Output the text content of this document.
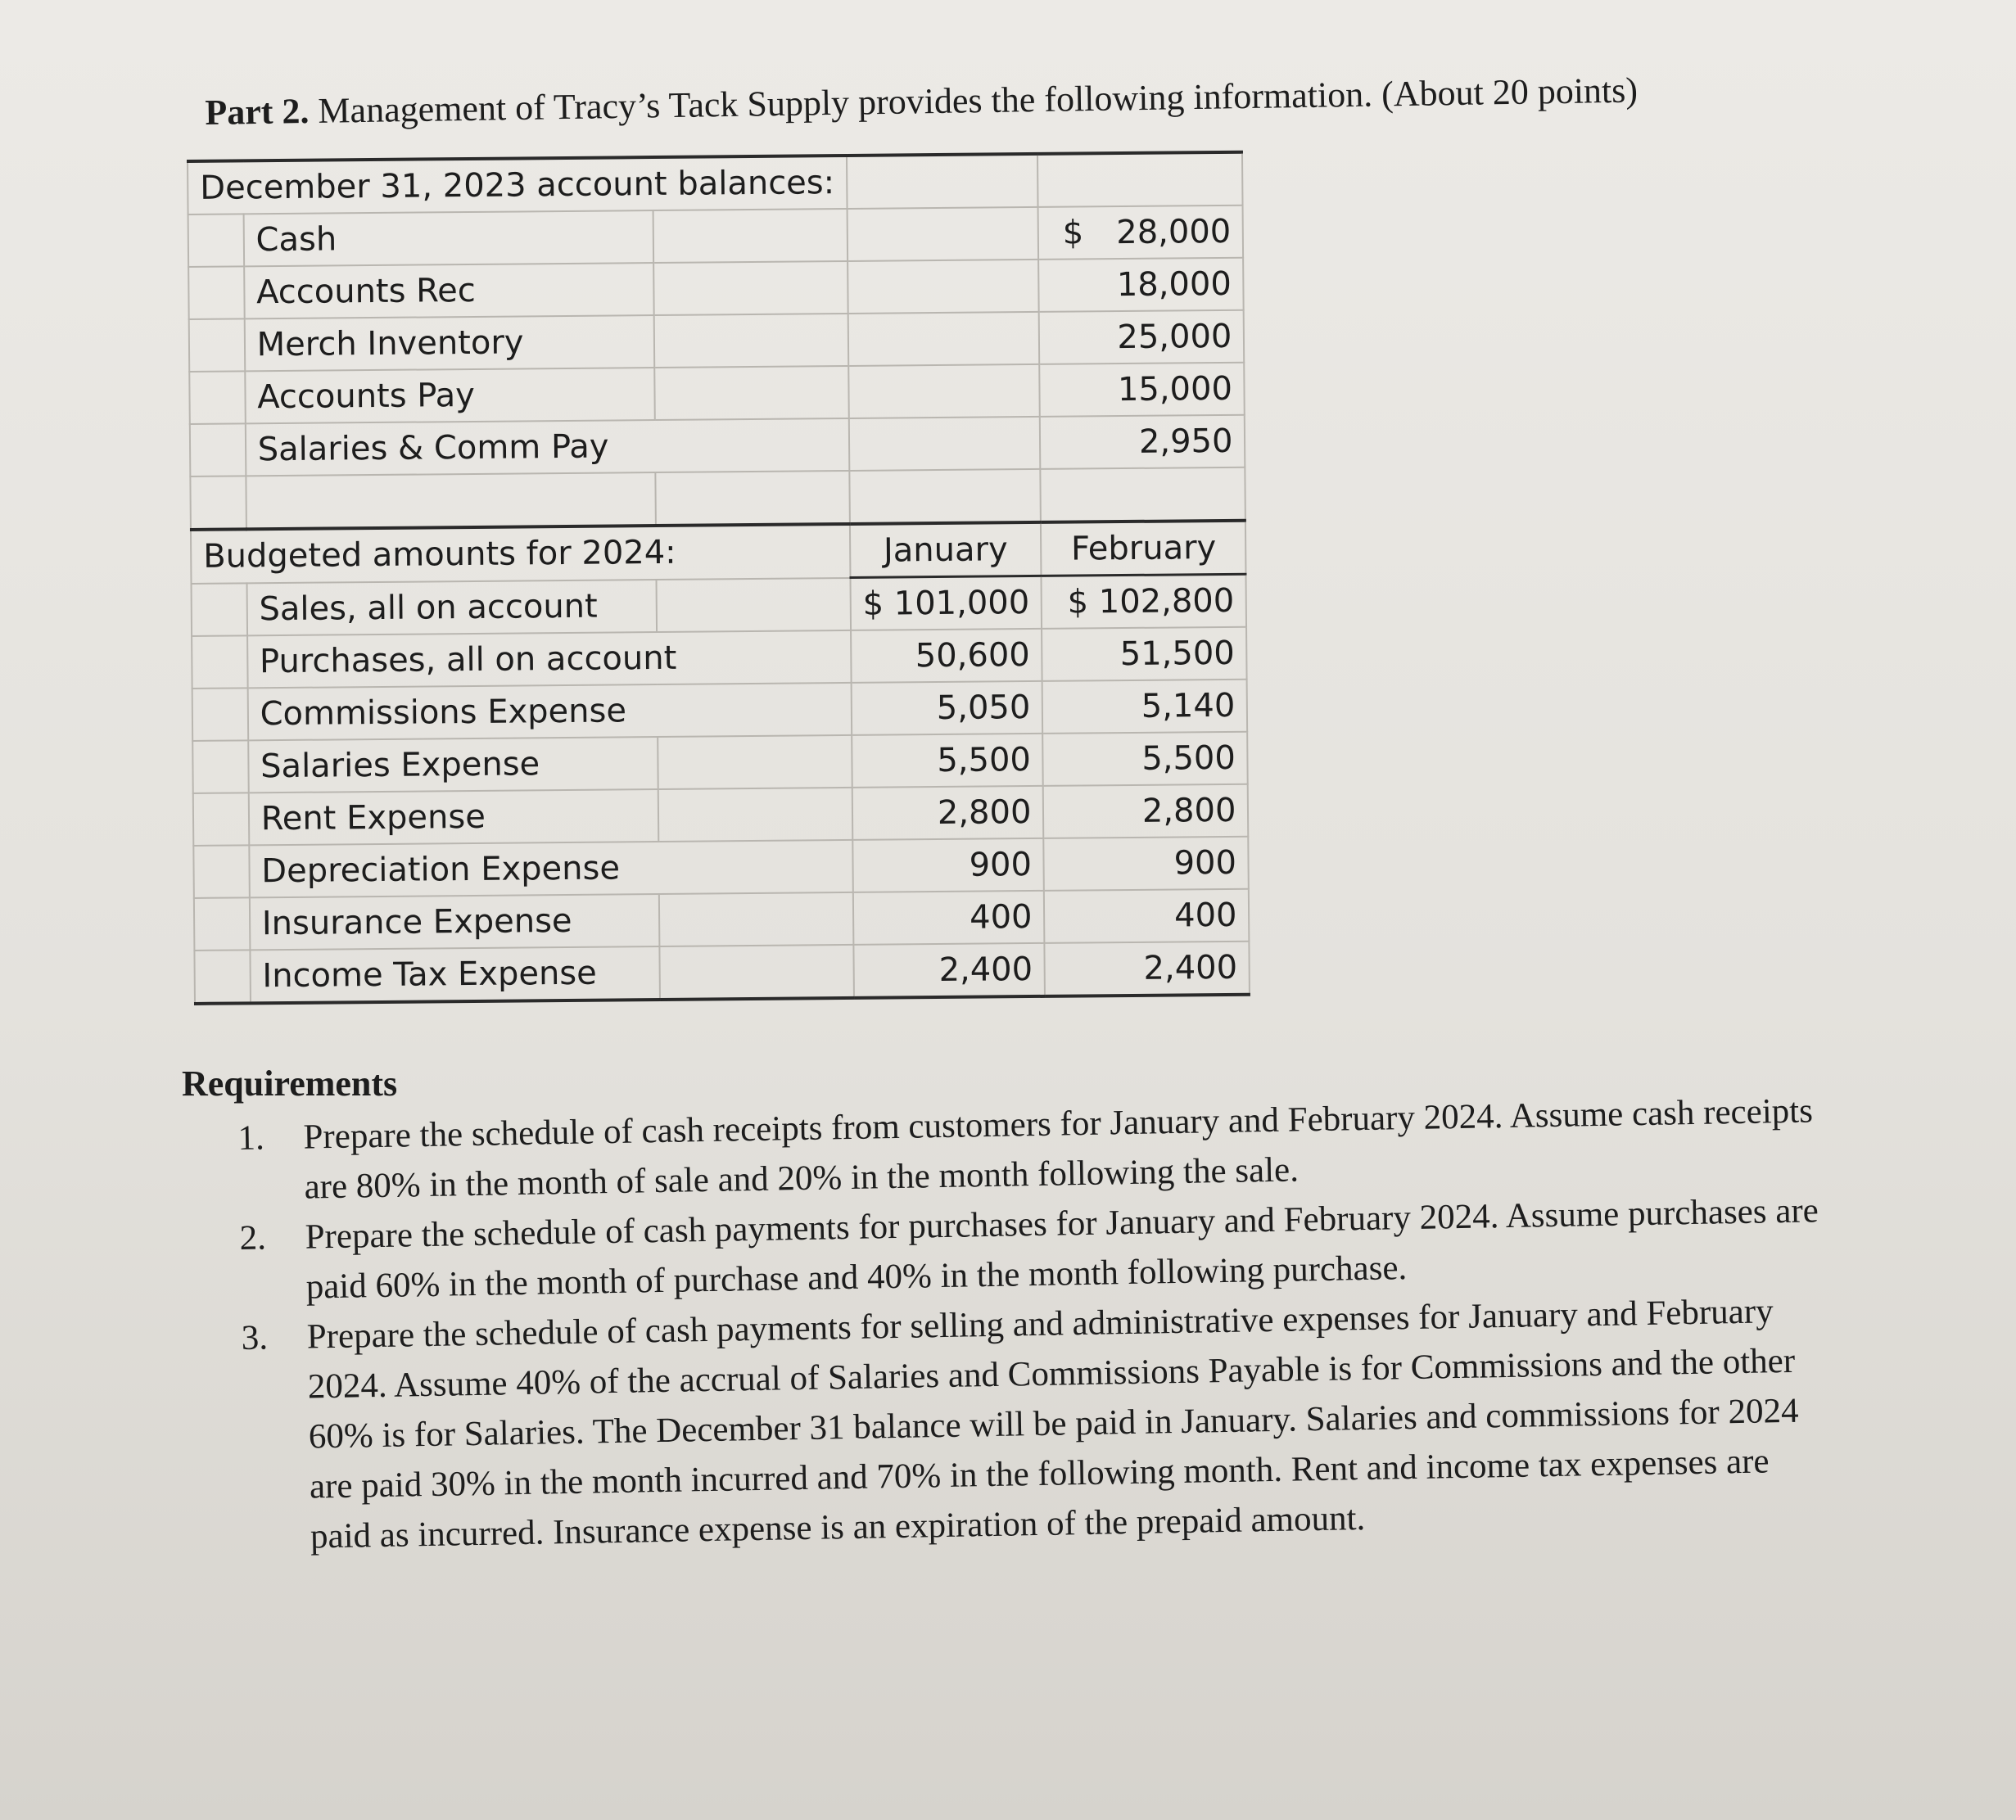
Part 2. Management of Tracy’s Tack Supply provides the following information. (About 20 points)
December 31, 2023 account balances:				
	Cash			$ 28,000
	Accounts Rec			18,000
	Merch Inventory			25,000
	Accounts Pay			15,000
	Salaries & Comm Pay			2,950

Budgeted amounts for 2024:			January	February
	Sales, all on account		$ 101,000	$ 102,800
	Purchases, all on account		50,600	51,500
	Commissions Expense		5,050	5,140
	Salaries Expense		5,500	5,500
	Rent Expense		2,800	2,800
	Depreciation Expense		900	900
	Insurance Expense		400	400
	Income Tax Expense		2,400	2,400
Requirements
1. Prepare the schedule of cash receipts from customers for January and February 2024. Assume cash receipts are 80% in the month of sale and 20% in the month following the sale.
2. Prepare the schedule of cash payments for purchases for January and February 2024. Assume purchases are paid 60% in the month of purchase and 40% in the month following purchase.
3. Prepare the schedule of cash payments for selling and administrative expenses for January and February 2024. Assume 40% of the accrual of Salaries and Commissions Payable is for Commissions and the other 60% is for Salaries. The December 31 balance will be paid in January. Salaries and commissions for 2024 are paid 30% in the month incurred and 70% in the following month. Rent and income tax expenses are paid as incurred. Insurance expense is an expiration of the prepaid amount.
